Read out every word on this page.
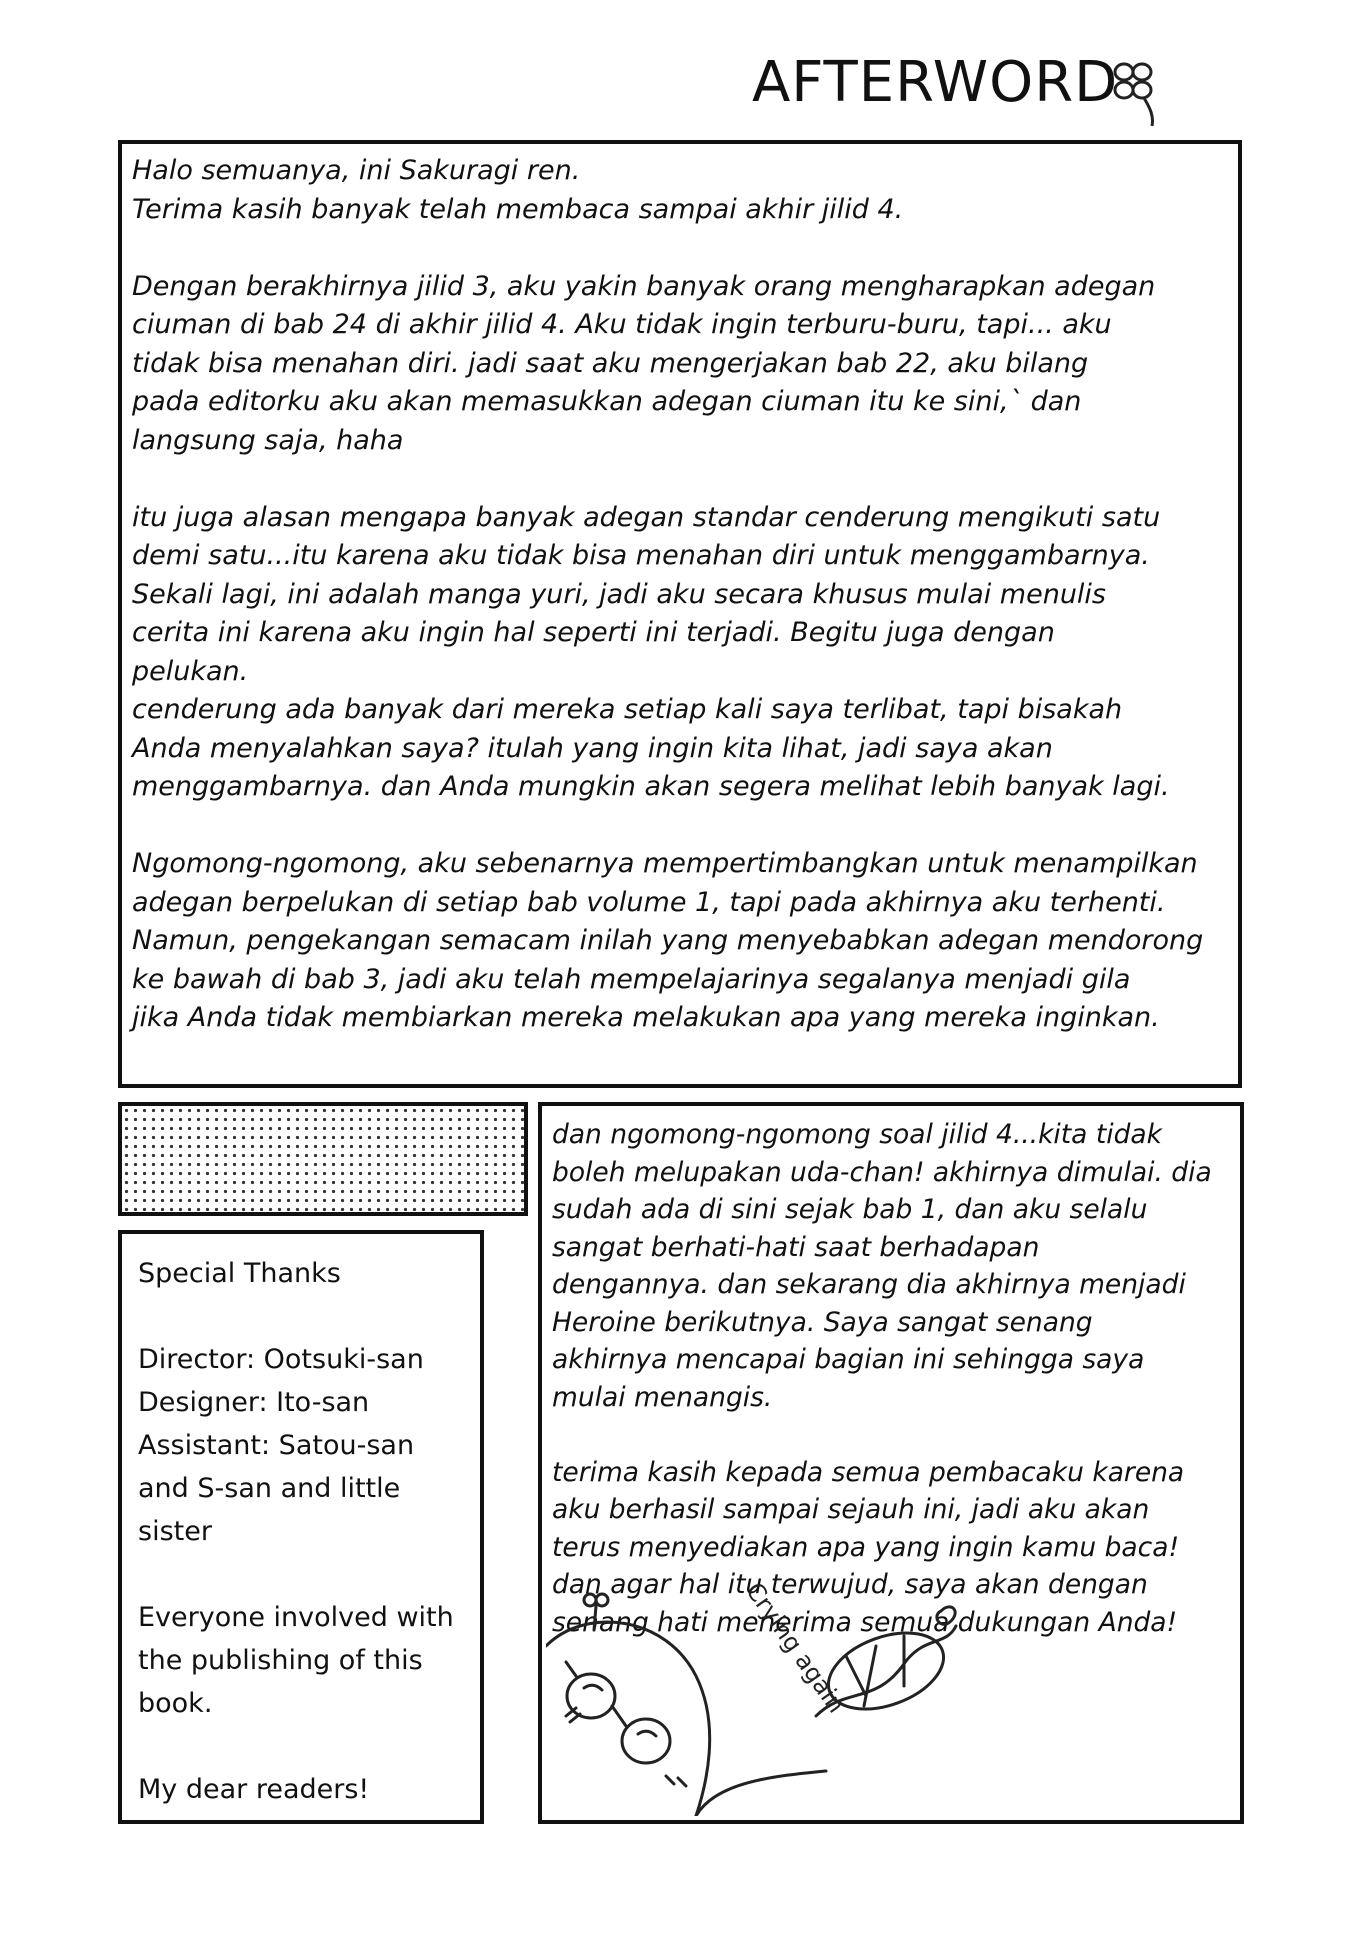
AFTERWORD

Halo semuanya, ini Sakuragi ren.
Terima kasih banyak telah membaca sampai akhir jilid 4.

Dengan berakhirnya jilid 3, aku yakin banyak orang mengharapkan adegan
ciuman di bab 24 di akhir jilid 4. Aku tidak ingin terburu-buru, tapi... aku
tidak bisa menahan diri. jadi saat aku mengerjakan bab 22, aku bilang
pada editorku aku akan memasukkan adegan ciuman itu ke sini,` dan
langsung saja, haha

itu juga alasan mengapa banyak adegan standar cenderung mengikuti satu
demi satu...itu karena aku tidak bisa menahan diri untuk menggambarnya.
Sekali lagi, ini adalah manga yuri, jadi aku secara khusus mulai menulis
cerita ini karena aku ingin hal seperti ini terjadi. Begitu juga dengan
pelukan.
cenderung ada banyak dari mereka setiap kali saya terlibat, tapi bisakah
Anda menyalahkan saya? itulah yang ingin kita lihat, jadi saya akan
menggambarnya. dan Anda mungkin akan segera melihat lebih banyak lagi.

Ngomong-ngomong, aku sebenarnya mempertimbangkan untuk menampilkan
adegan berpelukan di setiap bab volume 1, tapi pada akhirnya aku terhenti.
Namun, pengekangan semacam inilah yang menyebabkan adegan mendorong
ke bawah di bab 3, jadi aku telah mempelajarinya segalanya menjadi gila
jika Anda tidak membiarkan mereka melakukan apa yang mereka inginkan.

Special Thanks
Director: Ootsuki-san
Designer: Ito-san
Assistant: Satou-san
and S-san and little
sister
Everyone involved with
the publishing of this
book.
My dear readers!

dan ngomong-ngomong soal jilid 4...kita tidak
boleh melupakan uda-chan! akhirnya dimulai. dia
sudah ada di sini sejak bab 1, dan aku selalu
sangat berhati-hati saat berhadapan
dengannya. dan sekarang dia akhirnya menjadi
Heroine berikutnya. Saya sangat senang
akhirnya mencapai bagian ini sehingga saya
mulai menangis.

terima kasih kepada semua pembacaku karena
aku berhasil sampai sejauh ini, jadi aku akan
terus menyediakan apa yang ingin kamu baca!
dan agar hal itu terwujud, saya akan dengan
senang hati menerima semua dukungan Anda!

Crying again
